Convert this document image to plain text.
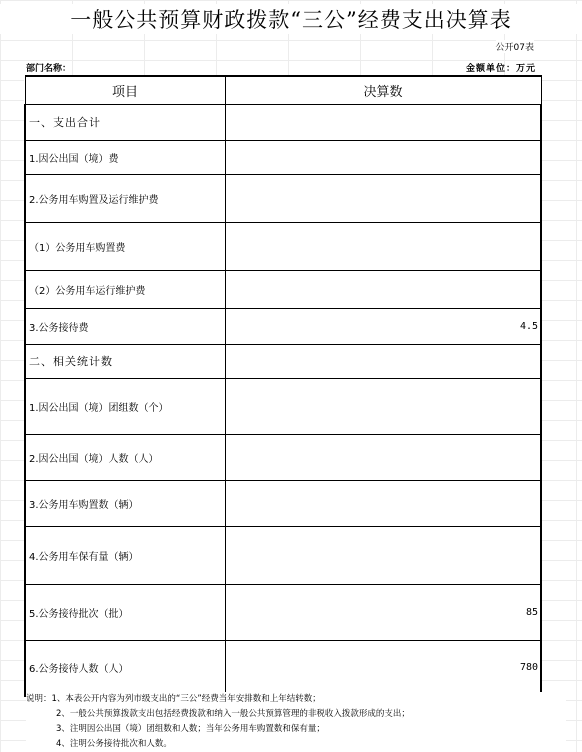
一般公共预算财政拨款“三公”经费支出决算表
公开07表
部门名称：	金额单位：万元
项目	决算数
一、支出合计	
1.因公出国（境）费	
2.公务用车购置及运行维护费	
（1）公务用车购置费	
（2）公务用车运行维护费	
3.公务接待费	4.5
二、相关统计数	
1.因公出国（境）团组数（个）	
2.因公出国（境）人数（人）	
3.公务用车购置数（辆）	
4.公务用车保有量（辆）	
5.公务接待批次（批）	85
6.公务接待人数（人）	780
说明：1、本表公开内容为列市级支出的“三公”经费当年安排数和上年结转数；
2、一般公共预算拨款支出包括经费拨款和纳入一般公共预算管理的非税收入拨款形成的支出；
3、注明因公出国（境）团组数和人数；当年公务用车购置数和保有量；
4、注明公务接待批次和人数。
